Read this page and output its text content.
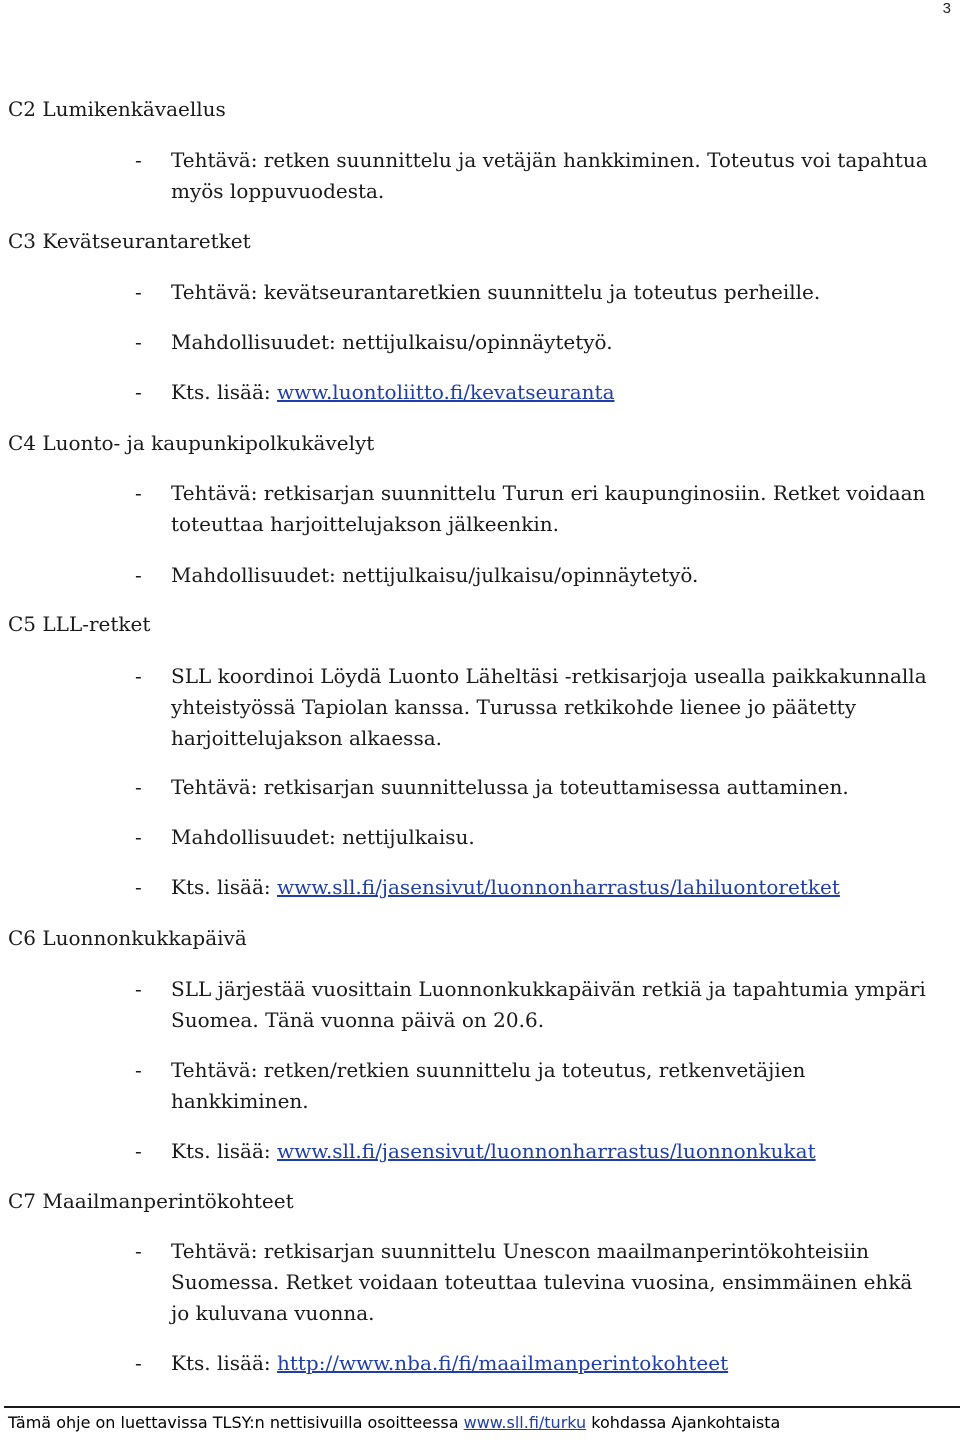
3
C2 Lumikenkävaellus
- Tehtävä: retken suunnittelu ja vetäjän hankkiminen. Toteutus voi tapahtua myös loppuvuodesta.
C3 Kevätseurantaretket
- Tehtävä: kevätseurantaretkien suunnittelu ja toteutus perheille.
- Mahdollisuudet: nettijulkaisu/opinnäytetyö.
- Kts. lisää: www.luontoliitto.fi/kevatseuranta
C4 Luonto- ja kaupunkipolkukävelyt
- Tehtävä: retkisarjan suunnittelu Turun eri kaupunginosiin. Retket voidaan toteuttaa harjoittelujakson jälkeenkin.
- Mahdollisuudet: nettijulkaisu/julkaisu/opinnäytetyö.
C5 LLL-retket
- SLL koordinoi Löydä Luonto Läheltäsi -retkisarjoja usealla paikkakunnalla yhteistyössä Tapiolan kanssa. Turussa retkikohde lienee jo päätetty harjoittelujakson alkaessa.
- Tehtävä: retkisarjan suunnittelussa ja toteuttamisessa auttaminen.
- Mahdollisuudet: nettijulkaisu.
- Kts. lisää: www.sll.fi/jasensivut/luonnonharrastus/lahiluontoretket
C6 Luonnonkukkapäivä
- SLL järjestää vuosittain Luonnonkukkapäivän retkiä ja tapahtumia ympäri Suomea. Tänä vuonna päivä on 20.6.
- Tehtävä: retken/retkien suunnittelu ja toteutus, retkenvetäjien hankkiminen.
- Kts. lisää: www.sll.fi/jasensivut/luonnonharrastus/luonnonkukat
C7 Maailmanperintökohteet
- Tehtävä: retkisarjan suunnittelu Unescon maailmanperintökohteisiin Suomessa. Retket voidaan toteuttaa tulevina vuosina, ensimmäinen ehkä jo kuluvana vuonna.
- Kts. lisää: http://www.nba.fi/fi/maailmanperintokohteet
Tämä ohje on luettavissa TLSY:n nettisivuilla osoitteessa www.sll.fi/turku kohdassa Ajankohtaista
